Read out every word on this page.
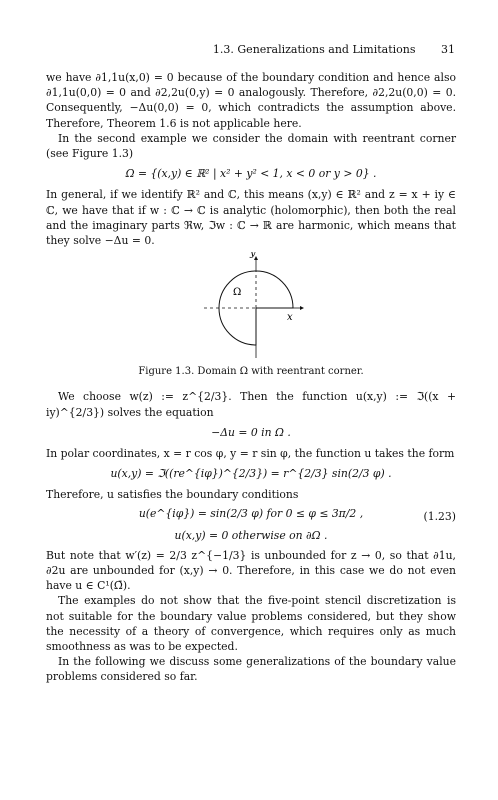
1.3. Generalizations and Limitations 31

we have ∂1,1u(x,0) = 0 because of the boundary condition and hence also ∂1,1u(0,0) = 0 and ∂2,2u(0,y) = 0 analogously. Therefore, ∂2,2u(0,0) = 0. Consequently, −Δu(0,0) = 0, which contradicts the assumption above. Therefore, Theorem 1.6 is not applicable here.

In the second example we consider the domain with reentrant corner (see Figure 1.3)

Ω = {(x,y) ∈ ℝ² | x² + y² < 1, x < 0 or y > 0} .

In general, if we identify ℝ² and ℂ, this means (x,y) ∈ ℝ² and z = x + iy ∈ ℂ, we have that if w : ℂ → ℂ is analytic (holomorphic), then both the real and the imaginary parts ℜw, ℑw : ℂ → ℝ are harmonic, which means that they solve −Δu = 0.

y
x
Ω
Figure 1.3. Domain Ω with reentrant corner.

We choose w(z) := z^{2/3}. Then the function u(x,y) := ℑ((x + iy)^{2/3}) solves the equation

−Δu = 0 in Ω .

In polar coordinates, x = r cos φ, y = r sin φ, the function u takes the form

u(x,y) = ℑ((re^{iφ})^{2/3}) = r^{2/3} sin(2/3 φ) .

Therefore, u satisfies the boundary conditions

u(e^{iφ}) = sin(2/3 φ) for 0 ≤ φ ≤ 3π/2 ,	(1.23)
u(x,y) = 0 otherwise on ∂Ω .

But note that w′(z) = 2/3 z^{−1/3} is unbounded for z → 0, so that ∂1u, ∂2u are unbounded for (x,y) → 0. Therefore, in this case we do not even have u ∈ C¹(Ω̄).

The examples do not show that the five-point stencil discretization is not suitable for the boundary value problems considered, but they show the necessity of a theory of convergence, which requires only as much smoothness as was to be expected.

In the following we discuss some generalizations of the boundary value problems considered so far.
